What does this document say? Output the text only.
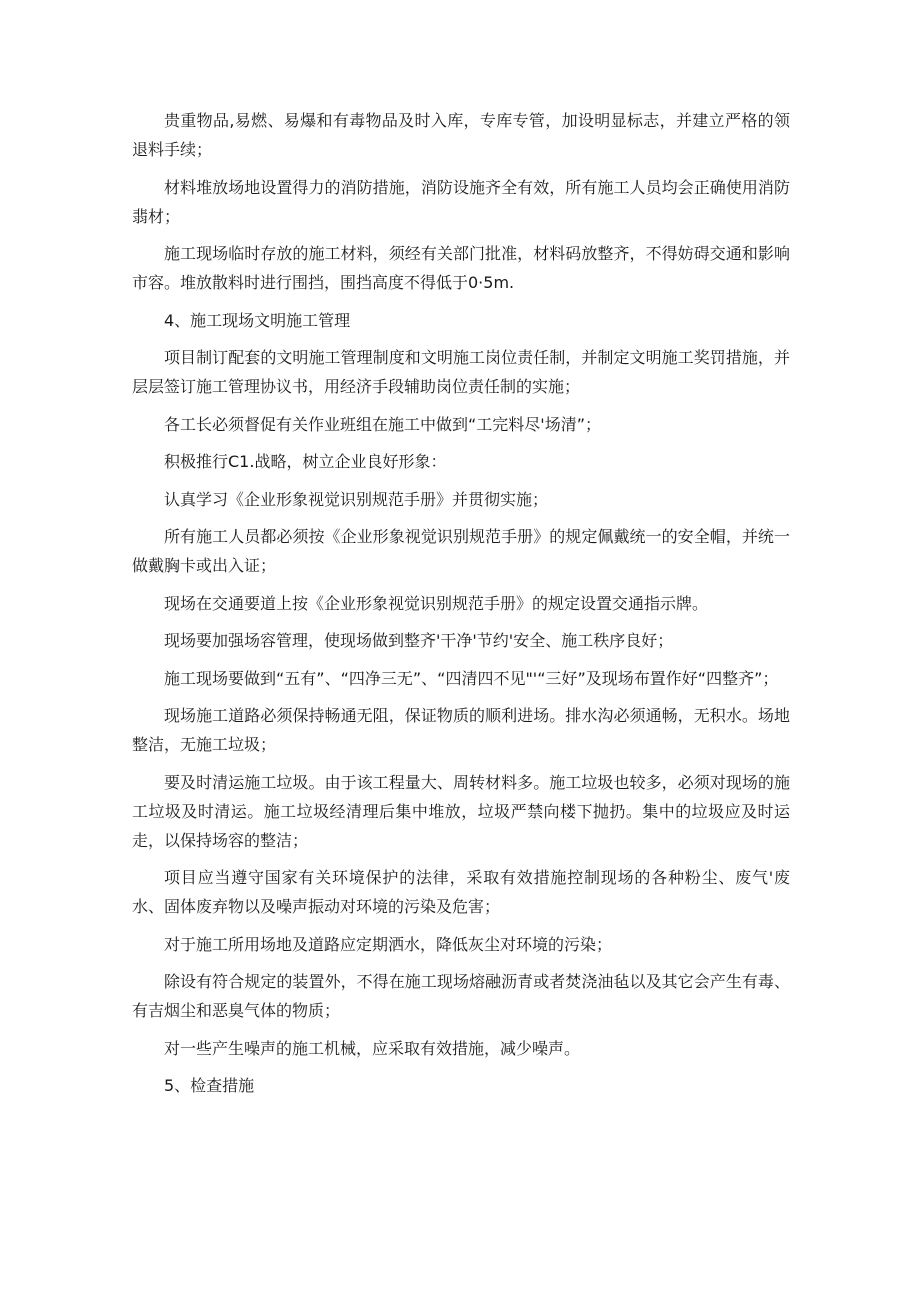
贵重物品,易燃、易爆和有毒物品及时入库，专库专管，加设明显标志，并建立严格的领退料手续；

材料堆放场地设置得力的消防措施，消防设施齐全有效，所有施工人员均会正确使用消防翡材；

施工现场临时存放的施工材料，须经有关部门批准，材料码放整齐，不得妨碍交通和影响市容。堆放散料时进行围挡，围挡高度不得低于0·5m.

4、施工现场文明施工管理

项目制订配套的文明施工管理制度和文明施工岗位责任制，并制定文明施工奖罚措施，并层层签订施工管理协议书，用经济手段辅助岗位责任制的实施；

各工长必须督促有关作业班组在施工中做到“工完料尽'场清”；

积极推行C1.战略，树立企业良好形象：

认真学习《企业形象视觉识别规范手册》并贯彻实施；

所有施工人员都必须按《企业形象视觉识别规范手册》的规定佩戴统一的安全帽，并统一做戴胸卡或出入证；

现场在交通要道上按《企业形象视觉识别规范手册》的规定设置交通指示牌。

现场要加强场容管理，使现场做到整齐'干净'节约'安全、施工秩序良好；

施工现场要做到“五有”、“四净三无”、“四清四不见"'“三好”及现场布置作好“四整齐”；

现场施工道路必须保持畅通无阻，保证物质的顺利进场。排水沟必须通畅，无积水。场地整洁，无施工垃圾；

要及时清运施工垃圾。由于该工程量大、周转材料多。施工垃圾也较多，必须对现场的施工垃圾及时清运。施工垃圾经清理后集中堆放，垃圾严禁向楼下抛扔。集中的垃圾应及时运走，以保持场容的整洁；

项目应当遵守国家有关环境保护的法律，采取有效措施控制现场的各种粉尘、废气'废水、固体废弃物以及噪声振动对环境的污染及危害；

对于施工所用场地及道路应定期洒水，降低灰尘对环境的污染；

除设有符合规定的装置外，不得在施工现场熔融沥青或者焚浇油毡以及其它会产生有毒、有吉烟尘和恶臭气体的物质；

对一些产生噪声的施工机械，应采取有效措施，减少噪声。

5、检查措施
